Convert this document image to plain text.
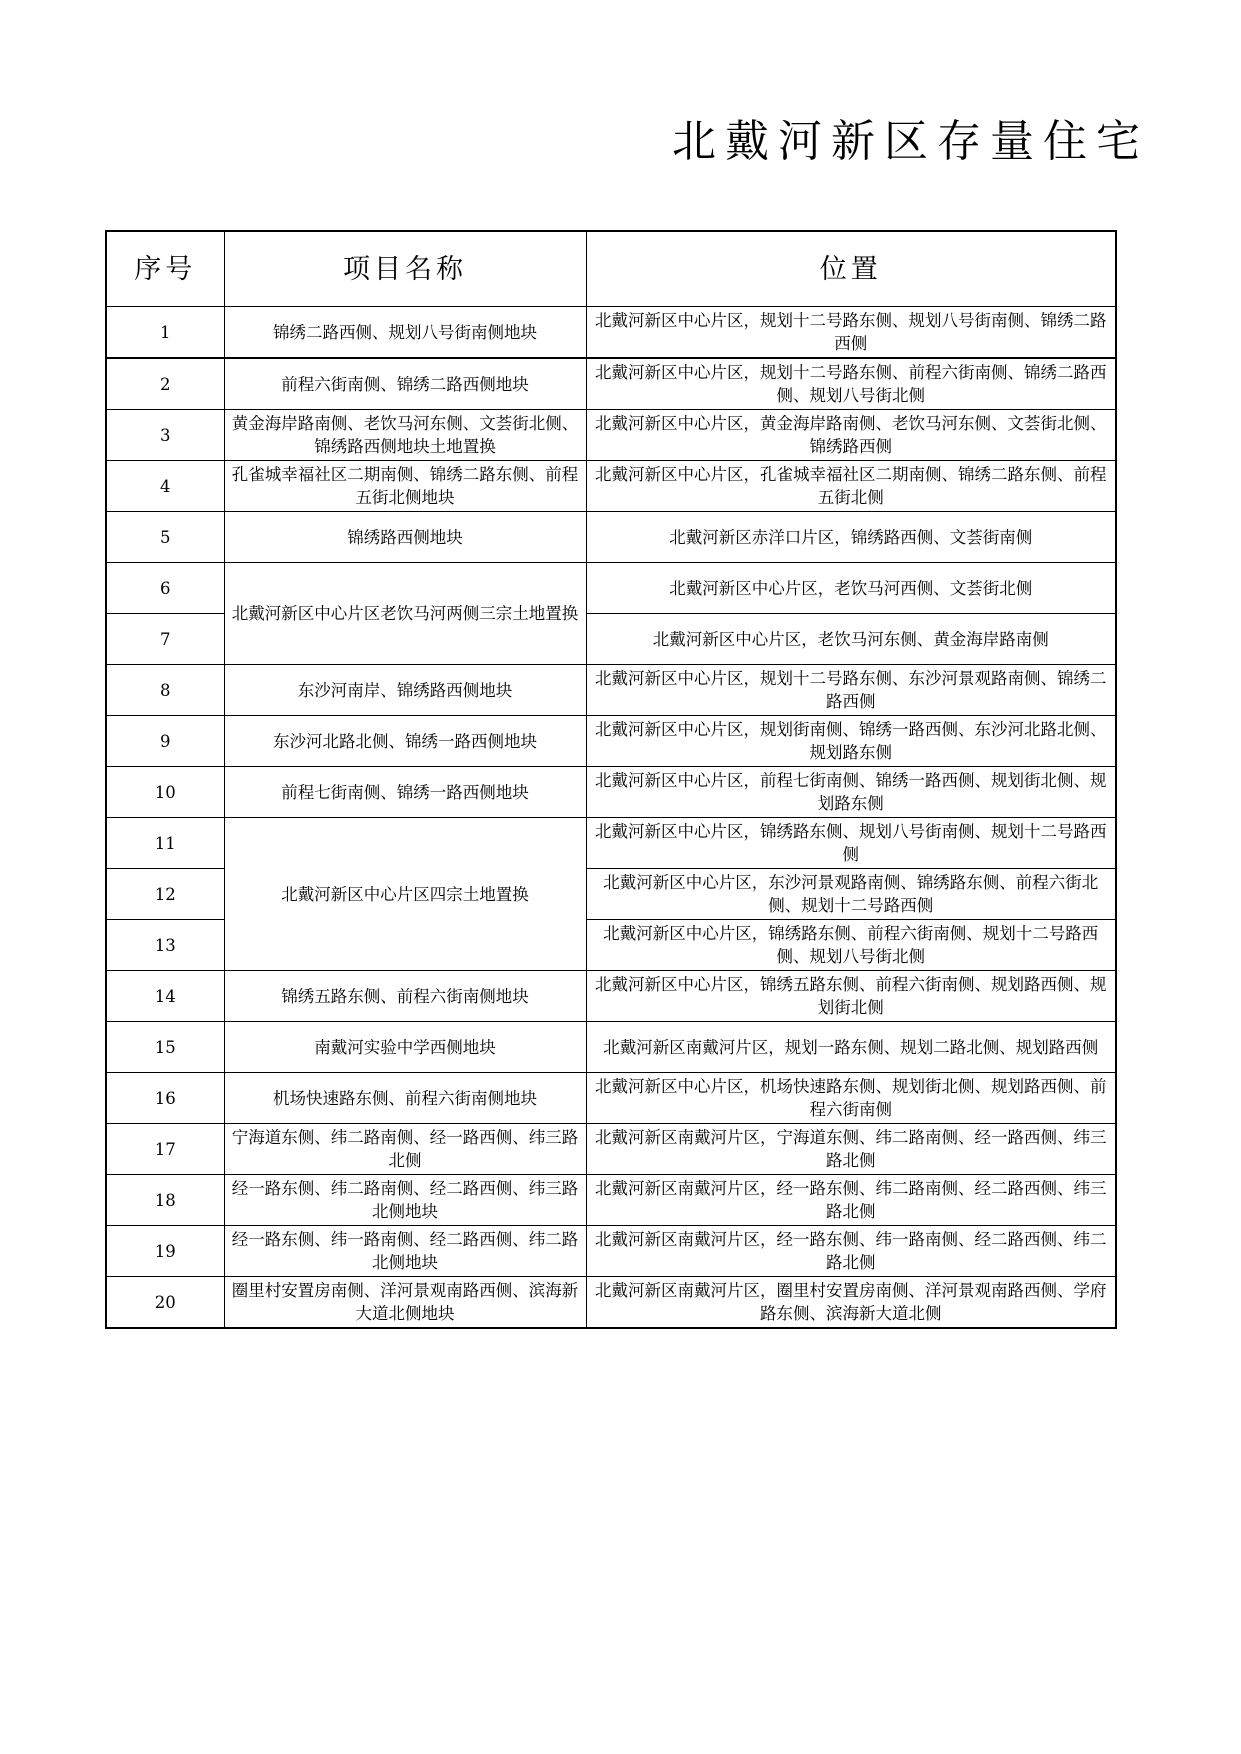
北戴河新区存量住宅
序号	项目名称	位置
1	锦绣二路西侧、规划八号街南侧地块	北戴河新区中心片区，规划十二号路东侧、规划八号街南侧、锦绣二路西侧
2	前程六街南侧、锦绣二路西侧地块	北戴河新区中心片区，规划十二号路东侧、前程六街南侧、锦绣二路西侧、规划八号街北侧
3	黄金海岸路南侧、老饮马河东侧、文荟街北侧、锦绣路西侧地块土地置换	北戴河新区中心片区，黄金海岸路南侧、老饮马河东侧、文荟街北侧、锦绣路西侧
4	孔雀城幸福社区二期南侧、锦绣二路东侧、前程五街北侧地块	北戴河新区中心片区，孔雀城幸福社区二期南侧、锦绣二路东侧、前程五街北侧
5	锦绣路西侧地块	北戴河新区赤洋口片区，锦绣路西侧、文荟街南侧
6	北戴河新区中心片区老饮马河两侧三宗土地置换	北戴河新区中心片区，老饮马河西侧、文荟街北侧
7		北戴河新区中心片区，老饮马河东侧、黄金海岸路南侧
8	东沙河南岸、锦绣路西侧地块	北戴河新区中心片区，规划十二号路东侧、东沙河景观路南侧、锦绣二路西侧
9	东沙河北路北侧、锦绣一路西侧地块	北戴河新区中心片区，规划街南侧、锦绣一路西侧、东沙河北路北侧、规划路东侧
10	前程七街南侧、锦绣一路西侧地块	北戴河新区中心片区，前程七街南侧、锦绣一路西侧、规划街北侧、规划路东侧
11	北戴河新区中心片区四宗土地置换	北戴河新区中心片区，锦绣路东侧、规划八号街南侧、规划十二号路西侧
12		北戴河新区中心片区，东沙河景观路南侧、锦绣路东侧、前程六街北侧、规划十二号路西侧
13		北戴河新区中心片区，锦绣路东侧、前程六街南侧、规划十二号路西侧、规划八号街北侧
14	锦绣五路东侧、前程六街南侧地块	北戴河新区中心片区，锦绣五路东侧、前程六街南侧、规划路西侧、规划街北侧
15	南戴河实验中学西侧地块	北戴河新区南戴河片区，规划一路东侧、规划二路北侧、规划路西侧
16	机场快速路东侧、前程六街南侧地块	北戴河新区中心片区，机场快速路东侧、规划街北侧、规划路西侧、前程六街南侧
17	宁海道东侧、纬二路南侧、经一路西侧、纬三路北侧	北戴河新区南戴河片区，宁海道东侧、纬二路南侧、经一路西侧、纬三路北侧
18	经一路东侧、纬二路南侧、经二路西侧、纬三路北侧地块	北戴河新区南戴河片区，经一路东侧、纬二路南侧、经二路西侧、纬三路北侧
19	经一路东侧、纬一路南侧、经二路西侧、纬二路北侧地块	北戴河新区南戴河片区，经一路东侧、纬一路南侧、经二路西侧、纬二路北侧
20	圈里村安置房南侧、洋河景观南路西侧、滨海新大道北侧地块	北戴河新区南戴河片区，圈里村安置房南侧、洋河景观南路西侧、学府路东侧、滨海新大道北侧
